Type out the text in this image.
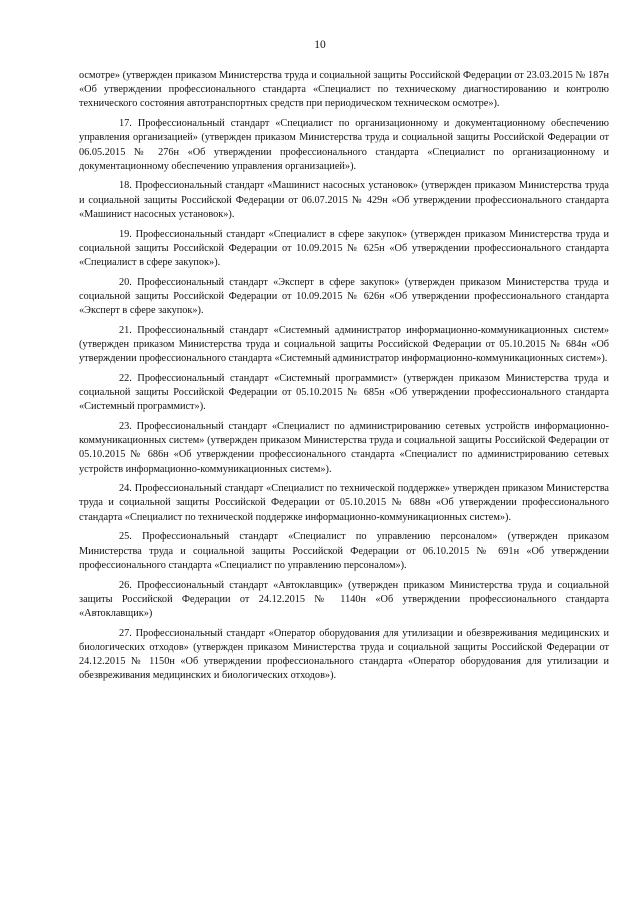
10

осмотре» (утвержден приказом Министерства труда и социальной защиты Российской Федерации от 23.03.2015 № 187н «Об утверждении профессионального стандарта «Специалист по техническому диагностированию и контролю технического состояния автотранспортных средств при периодическом техническом осмотре»).

17. Профессиональный стандарт «Специалист по организационному и документационному обеспечению управления организацией» (утвержден приказом Министерства труда и социальной защиты Российской Федерации от 06.05.2015 № 276н «Об утверждении профессионального стандарта «Специалист по организационному и документационному обеспечению управления организацией»).

18. Профессиональный стандарт «Машинист насосных установок» (утвержден приказом Министерства труда и социальной защиты Российской Федерации от 06.07.2015 № 429н «Об утверждении профессионального стандарта «Машинист насосных установок»).

19. Профессиональный стандарт «Специалист в сфере закупок» (утвержден приказом Министерства труда и социальной защиты Российской Федерации от 10.09.2015 № 625н «Об утверждении профессионального стандарта «Специалист в сфере закупок»).

20. Профессиональный стандарт «Эксперт в сфере закупок» (утвержден приказом Министерства труда и социальной защиты Российской Федерации от 10.09.2015 № 626н «Об утверждении профессионального стандарта «Эксперт в сфере закупок»).

21. Профессиональный стандарт «Системный администратор информационно-коммуникационных систем» (утвержден приказом Министерства труда и социальной защиты Российской Федерации от 05.10.2015 № 684н «Об утверждении профессионального стандарта «Системный администратор информационно-коммуникационных систем»).

22. Профессиональный стандарт «Системный программист» (утвержден приказом Министерства труда и социальной защиты Российской Федерации от 05.10.2015 № 685н «Об утверждении профессионального стандарта «Системный программист»).

23. Профессиональный стандарт «Специалист по администрированию сетевых устройств информационно-коммуникационных систем» (утвержден приказом Министерства труда и социальной защиты Российской Федерации от 05.10.2015 № 686н «Об утверждении профессионального стандарта «Специалист по администрированию сетевых устройств информационно-коммуникационных систем»).

24. Профессиональный стандарт «Специалист по технической поддержке» утвержден приказом Министерства труда и социальной защиты Российской Федерации от 05.10.2015 № 688н «Об утверждении профессионального стандарта «Специалист по технической поддержке информационно-коммуникационных систем»).

25. Профессиональный стандарт «Специалист по управлению персоналом» (утвержден приказом Министерства труда и социальной защиты Российской Федерации от 06.10.2015 № 691н «Об утверждении профессионального стандарта «Специалист по управлению персоналом»).

26. Профессиональный стандарт «Автоклавщик» (утвержден приказом Министерства труда и социальной защиты Российской Федерации от 24.12.2015 № 1140н «Об утверждении профессионального стандарта «Автоклавщик»)

27. Профессиональный стандарт «Оператор оборудования для утилизации и обезвреживания медицинских и биологических отходов» (утвержден приказом Министерства труда и социальной защиты Российской Федерации от 24.12.2015 № 1150н «Об утверждении профессионального стандарта «Оператор оборудования для утилизации и обезвреживания медицинских и биологических отходов»).
